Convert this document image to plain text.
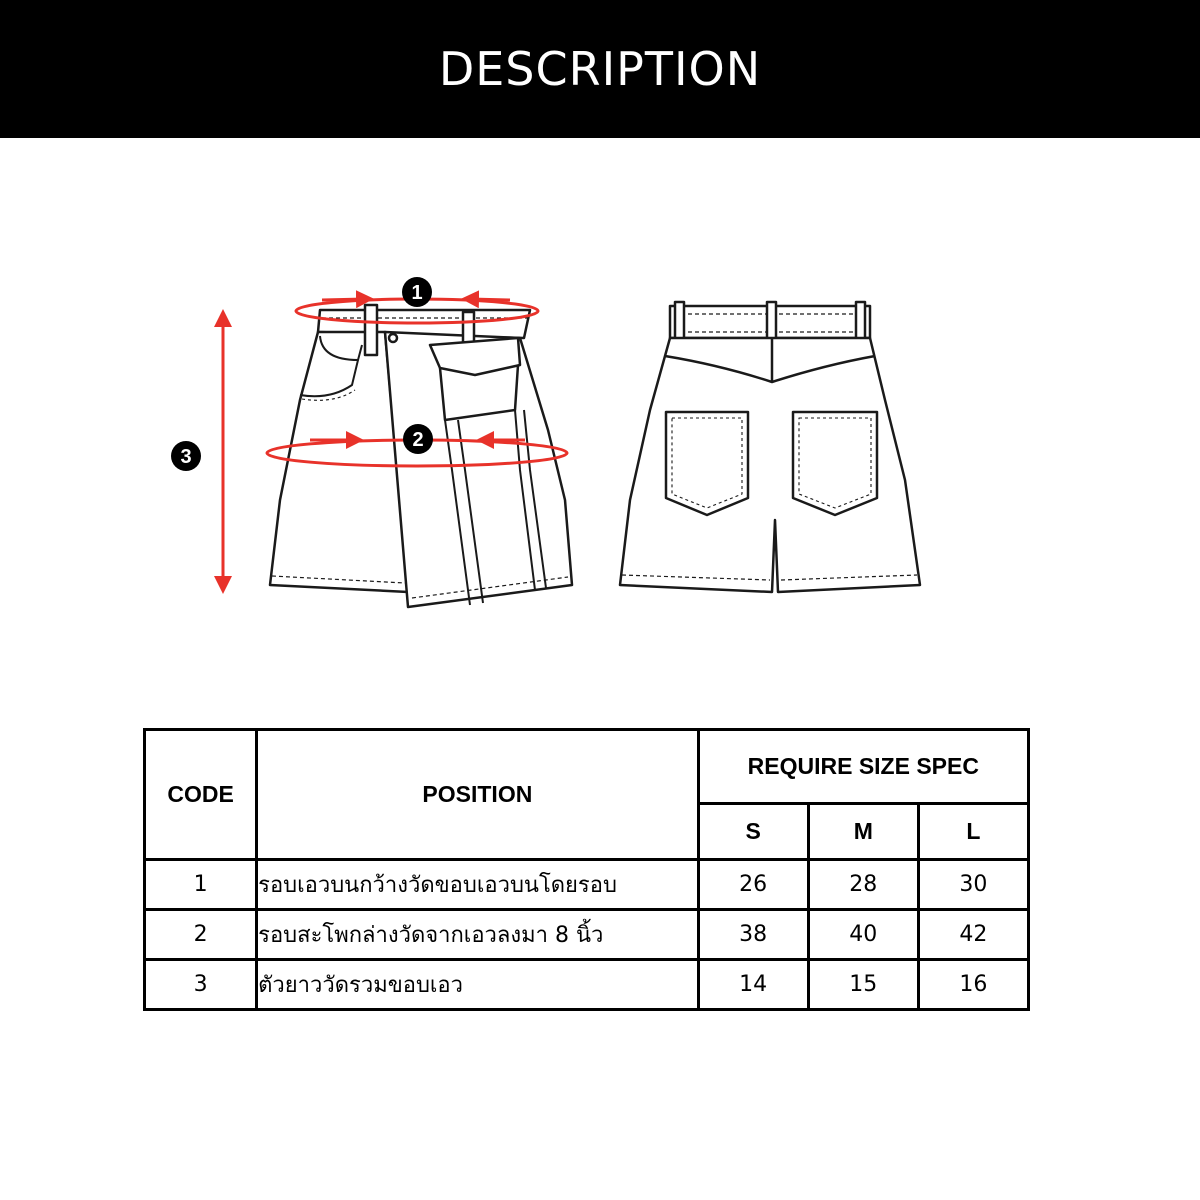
DESCRIPTION
1
2
3
CODE	POSITION	REQUIRE SIZE SPEC		
		S	M	L
1	รอบเอวบนกว้างวัดขอบเอวบนโดยรอบ	26	28	30
2	รอบสะโพกล่างวัดจากเอวลงมา 8 นิ้ว	38	40	42
3	ตัวยาววัดรวมขอบเอว	14	15	16
